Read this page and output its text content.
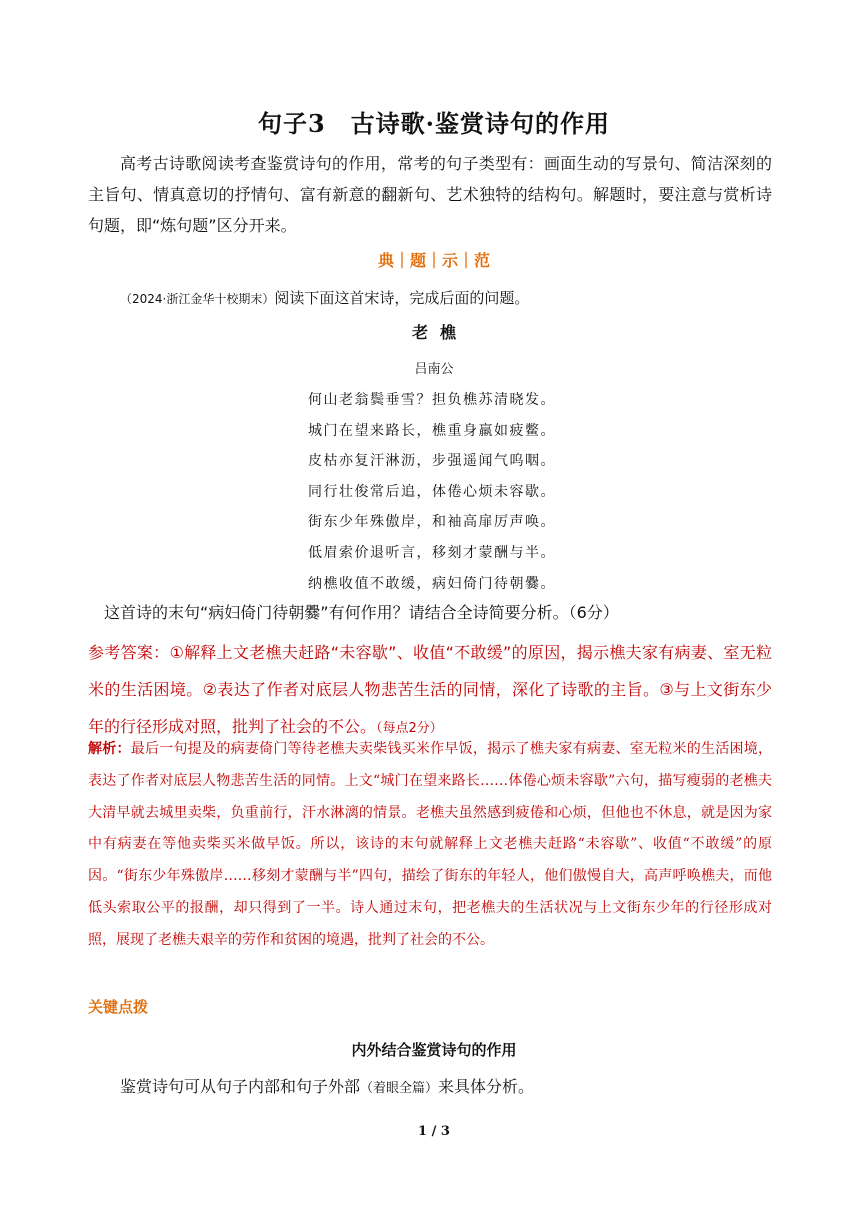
句子3　古诗歌·鉴赏诗句的作用
高考古诗歌阅读考查鉴赏诗句的作用，常考的句子类型有：画面生动的写景句、简洁深刻的主旨句、情真意切的抒情句、富有新意的翻新句、艺术独特的结构句。解题时，要注意与赏析诗句题，即“炼句题”区分开来。
典｜题｜示｜范
（2024·浙江金华十校期末）阅读下面这首宋诗，完成后面的问题。
老樵
吕南公
何山老翁鬓垂雪？担负樵苏清晓发。
城门在望来路长，樵重身羸如疲鳖。
皮枯亦复汗淋沥，步强遥闻气呜咽。
同行壮俊常后追，体倦心烦未容歇。
街东少年殊傲岸，和袖高扉厉声唤。
低眉索价退听言，移刻才蒙酬与半。
纳樵收值不敢缓，病妇倚门待朝爨。
这首诗的末句“病妇倚门待朝爨”有何作用？请结合全诗简要分析。（6分）
参考答案：①解释上文老樵夫赶路“未容歇”、收值“不敢缓”的原因，揭示樵夫家有病妻、室无粒米的生活困境。②表达了作者对底层人物悲苦生活的同情，深化了诗歌的主旨。③与上文街东少年的行径形成对照，批判了社会的不公。（每点2分）
解析：最后一句提及的病妻倚门等待老樵夫卖柴钱买米作早饭，揭示了樵夫家有病妻、室无粒米的生活困境，表达了作者对底层人物悲苦生活的同情。上文“城门在望来路长……体倦心烦未容歇”六句，描写瘦弱的老樵夫大清早就去城里卖柴，负重前行，汗水淋漓的情景。老樵夫虽然感到疲倦和心烦，但他也不休息，就是因为家中有病妻在等他卖柴买米做早饭。所以，该诗的末句就解释上文老樵夫赶路“未容歇”、收值“不敢缓”的原因。“街东少年殊傲岸……移刻才蒙酬与半”四句，描绘了街东的年轻人，他们傲慢自大，高声呼唤樵夫，而他低头索取公平的报酬，却只得到了一半。诗人通过末句，把老樵夫的生活状况与上文街东少年的行径形成对照，展现了老樵夫艰辛的劳作和贫困的境遇，批判了社会的不公。
关键点拨
内外结合鉴赏诗句的作用
鉴赏诗句可从句子内部和句子外部（着眼全篇）来具体分析。
1 / 3
